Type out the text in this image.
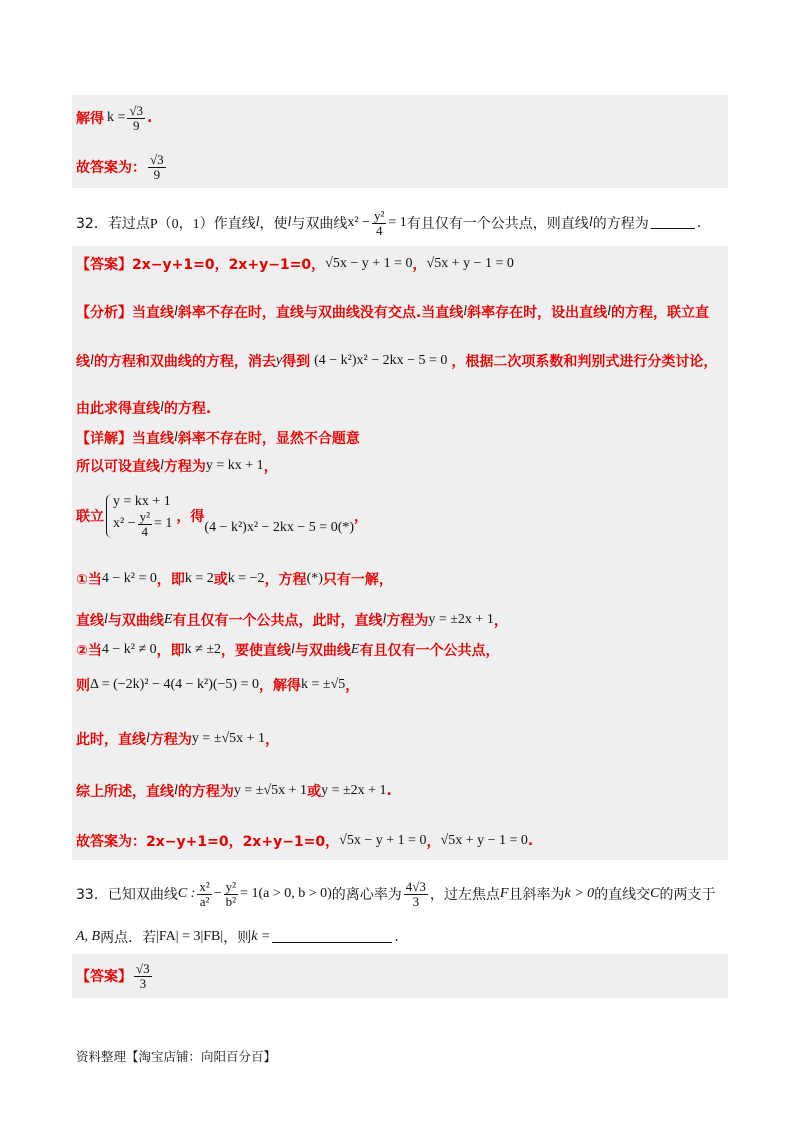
解得 $k = \frac{√3}{9}$ .
故答案为： $\frac{√3}{9}$
32． 若过点 P（0，1） 作直线 l ，使 l 与双曲线 $x^2 - \frac{\text{y²}}{4} = 1$ 有且仅有一个公共点，则直线 l 的方程为	.
【答案】 2x−y+1=0，2x+y−1=0， √5x − y + 1 = 0 ， √5x + y − 1 = 0
【分析】当直线 l 斜率不存在时，直线与双曲线没有交点.当直线 l 斜率存在时，设出直线 l 的方程，联立直
线 l 的方程和双曲线的方程，消去 y 得到 (4 − k²)x² − 2kx − 5 = 0 ，根据二次项系数和判别式进行分类讨论，
由此求得直线 l 的方程.
【详解】当直线 l 斜率不存在时，显然不合题意
所以可设直线 l 方程为 y = kx + 1 ，
联立
y = kx + 1
$x^2 - \frac{\text{y²}}{4} = 1$ ，得
(4 − k²)x² − 2kx − 5 = 0(*)
，
①当 4 − k² = 0 ，即 k = 2 或 k = −2 ，方程 (*) 只有一解，
直线 l 与双曲线 E 有且仅有一个公共点，此时，直线 l 方程为 y = ±2x + 1 ，
②当 4 − k² ≠ 0 ，即 k ≠ ±2 ，要使直线 l 与双曲线 E 有且仅有一个公共点，
则 Δ = (−2k)² − 4(4 − k²)(−5) = 0 ，解得 k = ±√5 ，
此时，直线 l 方程为 y = ±√5x + 1 ，
综上所述，直线 l 的方程为 y = ±√5x + 1 或 y = ±2x + 1 .
故答案为： 2x−y+1=0，2x+y−1=0， √5x − y + 1 = 0 ， √5x + y − 1 = 0 .
33． 已知双曲线 C : $\frac{\text{x²}}{\text{a²}} - \frac{\text{y²}}{\text{b²}} = 1(a > 0$, b > 0) 的离心率为 $\frac{4√3}{3}$ ，过左焦点 F 且斜率为 k > 0 的直线交 C 的两支于
A, B 两点．若 |FA| = 3|FB| ，则 k =	.
【答案】 $\frac{√3}{3}$
资料整理【淘宝店铺：向阳百分百】
